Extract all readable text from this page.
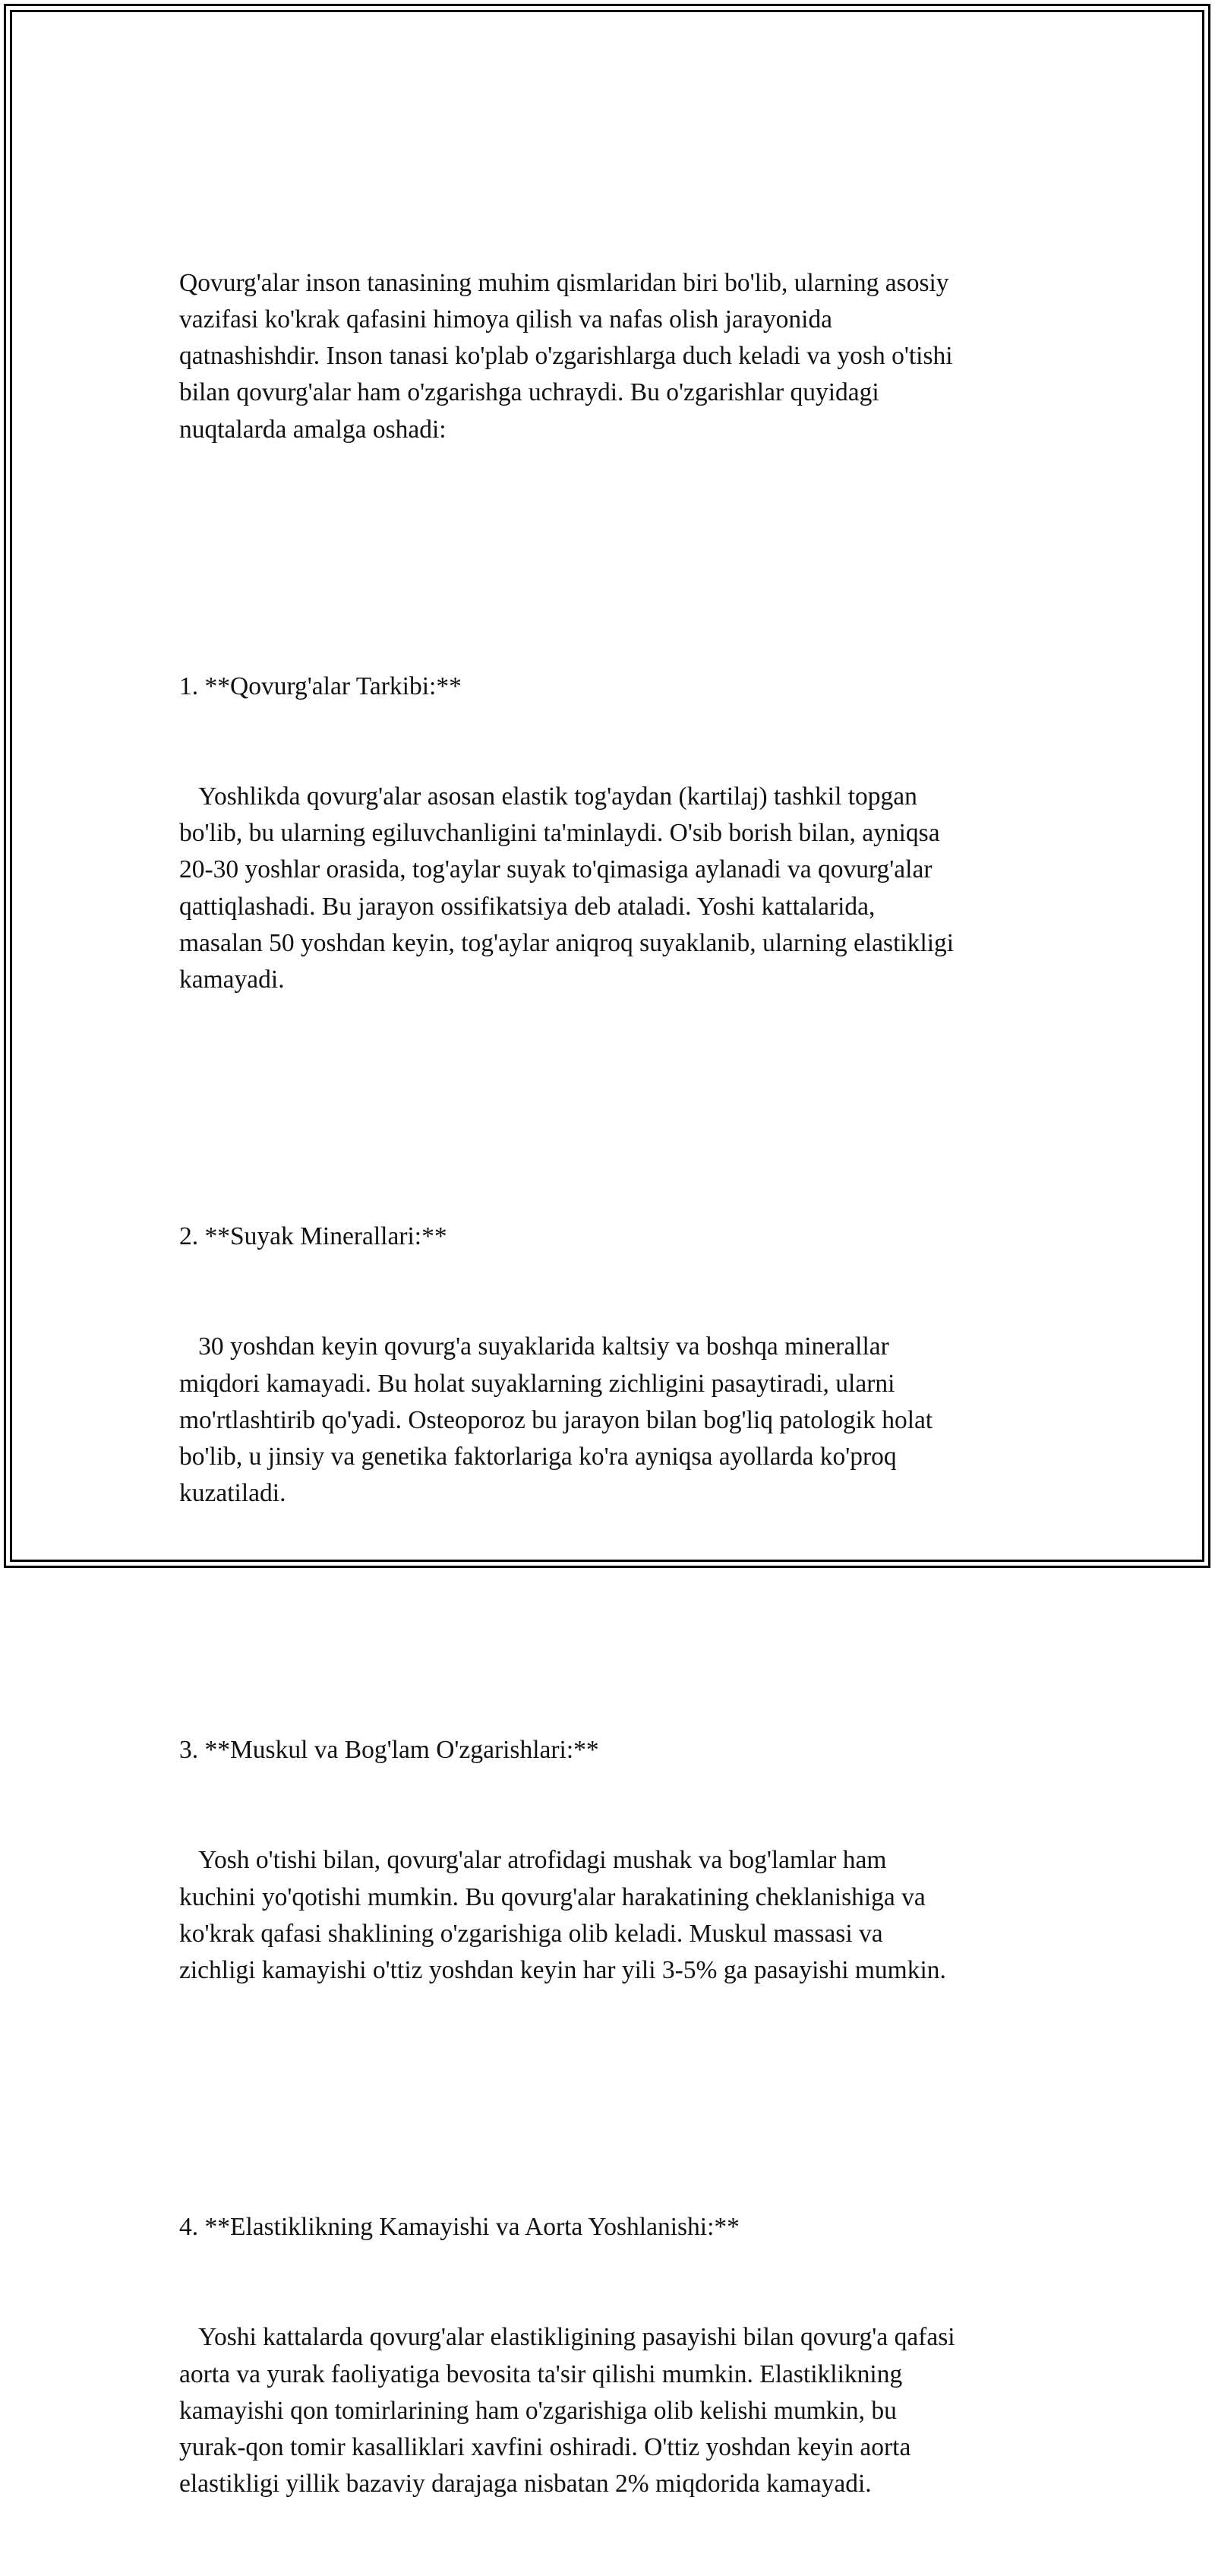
Qovurg'alar inson tanasining muhim qismlaridan biri bo'lib, ularning asosiy
vazifasi ko'krak qafasini himoya qilish va nafas olish jarayonida
qatnashishdir. Inson tanasi ko'plab o'zgarishlarga duch keladi va yosh o'tishi
bilan qovurg'alar ham o'zgarishga uchraydi. Bu o'zgarishlar quyidagi
nuqtalarda amalga oshadi:

1. **Qovurg'alar Tarkibi:**

Yoshlikda qovurg'alar asosan elastik tog'aydan (kartilaj) tashkil topgan
bo'lib, bu ularning egiluvchanligini ta'minlaydi. O'sib borish bilan, ayniqsa
20-30 yoshlar orasida, tog'aylar suyak to'qimasiga aylanadi va qovurg'alar
qattiqlashadi. Bu jarayon ossifikatsiya deb ataladi. Yoshi kattalarida,
masalan 50 yoshdan keyin, tog'aylar aniqroq suyaklanib, ularning elastikligi
kamayadi.

2. **Suyak Minerallari:**

30 yoshdan keyin qovurg'a suyaklarida kaltsiy va boshqa minerallar
miqdori kamayadi. Bu holat suyaklarning zichligini pasaytiradi, ularni
mo'rtlashtirib qo'yadi. Osteoporoz bu jarayon bilan bog'liq patologik holat
bo'lib, u jinsiy va genetika faktorlariga ko'ra ayniqsa ayollarda ko'proq
kuzatiladi.

3. **Muskul va Bog'lam O'zgarishlari:**

Yosh o'tishi bilan, qovurg'alar atrofidagi mushak va bog'lamlar ham
kuchini yo'qotishi mumkin. Bu qovurg'alar harakatining cheklanishiga va
ko'krak qafasi shaklining o'zgarishiga olib keladi. Muskul massasi va
zichligi kamayishi o'ttiz yoshdan keyin har yili 3-5% ga pasayishi mumkin.

4. **Elastiklikning Kamayishi va Aorta Yoshlanishi:**

Yoshi kattalarda qovurg'alar elastikligining pasayishi bilan qovurg'a qafasi
aorta va yurak faoliyatiga bevosita ta'sir qilishi mumkin. Elastiklikning
kamayishi qon tomirlarining ham o'zgarishiga olib kelishi mumkin, bu
yurak-qon tomir kasalliklari xavfini oshiradi. O'ttiz yoshdan keyin aorta
elastikligi yillik bazaviy darajaga nisbatan 2% miqdorida kamayadi.
